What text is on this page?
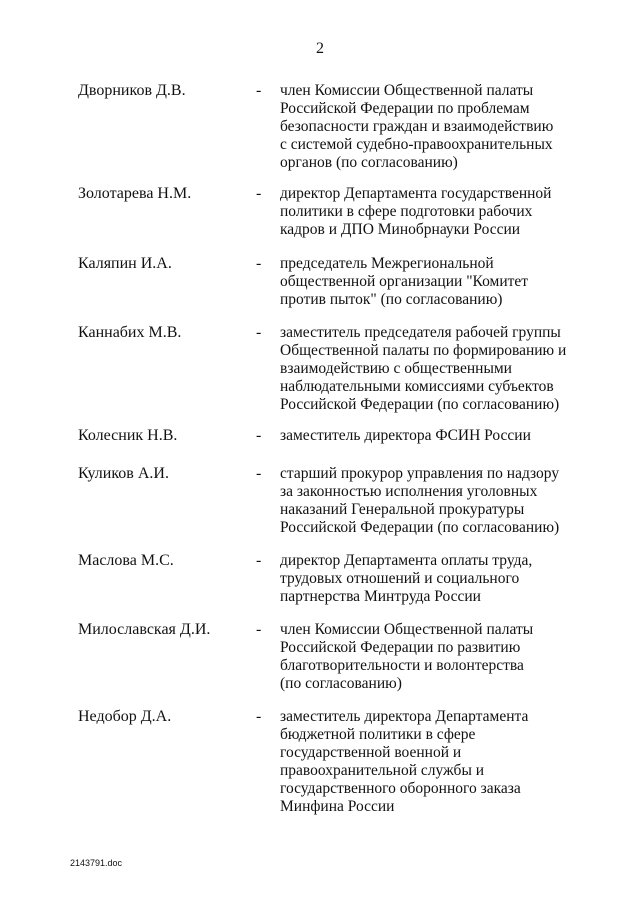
2
Дворников Д.В.	- член Комиссии Общественной палаты
Российской Федерации по проблемам
безопасности граждан и взаимодействию
с системой судебно-правоохранительных
органов (по согласованию)
Золотарева Н.М.	- директор Департамента государственной
политики в сфере подготовки рабочих
кадров и ДПО Минобрнауки России
Каляпин И.А.	- председатель Межрегиональной
общественной организации "Комитет
против пыток" (по согласованию)
Каннабих М.В.	- заместитель председателя рабочей группы
Общественной палаты по формированию и
взаимодействию с общественными
наблюдательными комиссиями субъектов
Российской Федерации (по согласованию)
Колесник Н.В.	- заместитель директора ФСИН России
Куликов А.И.	- старший прокурор управления по надзору
за законностью исполнения уголовных
наказаний Генеральной прокуратуры
Российской Федерации (по согласованию)
Маслова М.С.	- директор Департамента оплаты труда,
трудовых отношений и социального
партнерства Минтруда России
Милославская Д.И.	- член Комиссии Общественной палаты
Российской Федерации по развитию
благотворительности и волонтерства
(по согласованию)
Недобор Д.А.	- заместитель директора Департамента
бюджетной политики в сфере
государственной военной и
правоохранительной службы и
государственного оборонного заказа
Минфина России
2143791.doc
